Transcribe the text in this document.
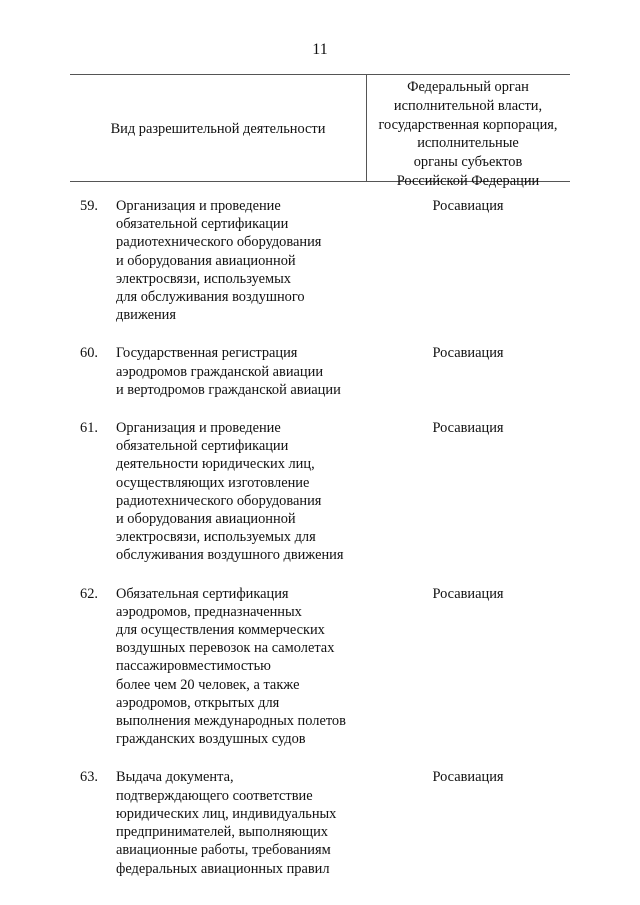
11
Вид разрешительной деятельности
Федеральный орган
исполнительной власти,
государственная корпорация,
исполнительные
органы субъектов
Российской Федерации
59. Организация и проведение
обязательной сертификации
радиотехнического оборудования
и оборудования авиационной
электросвязи, используемых
для обслуживания воздушного
движения
Росавиация
60. Государственная регистрация
аэродромов гражданской авиации
и вертодромов гражданской авиации
Росавиация
61. Организация и проведение
обязательной сертификации
деятельности юридических лиц,
осуществляющих изготовление
радиотехнического оборудования
и оборудования авиационной
электросвязи, используемых для
обслуживания воздушного движения
Росавиация
62. Обязательная сертификация
аэродромов, предназначенных
для осуществления коммерческих
воздушных перевозок на самолетах
пассажировместимостью
более чем 20 человек, а также
аэродромов, открытых для
выполнения международных полетов
гражданских воздушных судов
Росавиация
63. Выдача документа,
подтверждающего соответствие
юридических лиц, индивидуальных
предпринимателей, выполняющих
авиационные работы, требованиям
федеральных авиационных правил
Росавиация
